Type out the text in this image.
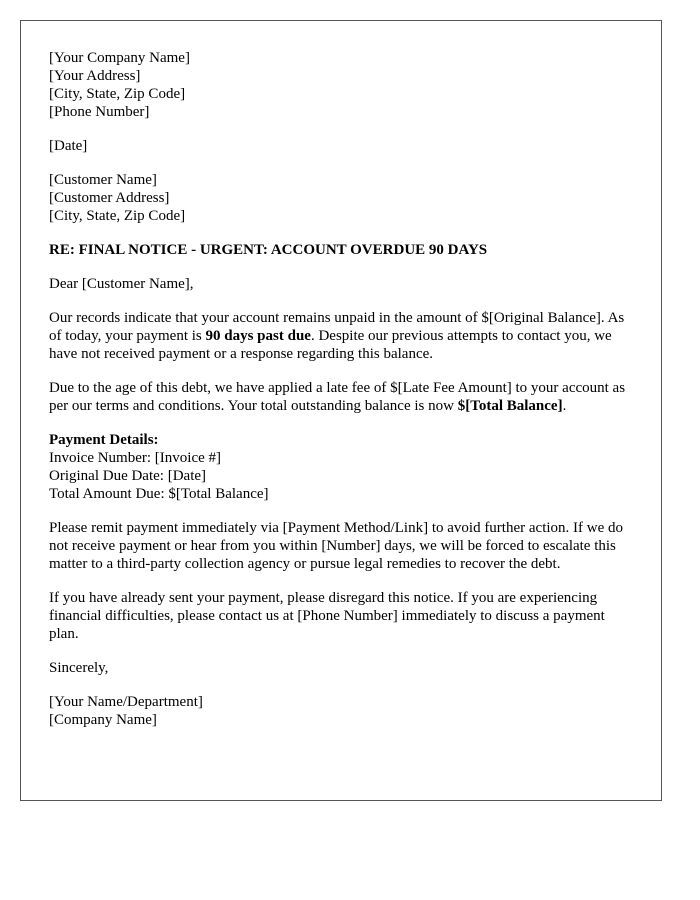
[Your Company Name]
[Your Address]
[City, State, Zip Code]
[Phone Number]

[Date]

[Customer Name]
[Customer Address]
[City, State, Zip Code]

RE: FINAL NOTICE - URGENT: ACCOUNT OVERDUE 90 DAYS

Dear [Customer Name],

Our records indicate that your account remains unpaid in the amount of $[Original Balance]. As of today, your payment is 90 days past due. Despite our previous attempts to contact you, we have not received payment or a response regarding this balance.

Due to the age of this debt, we have applied a late fee of $[Late Fee Amount] to your account as per our terms and conditions. Your total outstanding balance is now $[Total Balance].

Payment Details:
Invoice Number: [Invoice #]
Original Due Date: [Date]
Total Amount Due: $[Total Balance]

Please remit payment immediately via [Payment Method/Link] to avoid further action. If we do not receive payment or hear from you within [Number] days, we will be forced to escalate this matter to a third-party collection agency or pursue legal remedies to recover the debt.

If you have already sent your payment, please disregard this notice. If you are experiencing financial difficulties, please contact us at [Phone Number] immediately to discuss a payment plan.

Sincerely,

[Your Name/Department]
[Company Name]
